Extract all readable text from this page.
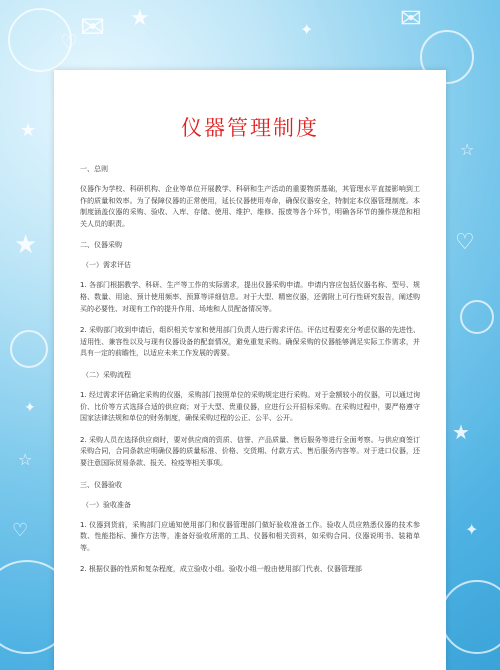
★
★
☆
★
★
☆
♡
♡
♡
✉	✉
✦
✦
✦
仪器管理制度

一、总则

仪器作为学校、科研机构、企业等单位开展教学、科研和生产活动的重要物质基础，其管理水平直接影响到工作的质量和效率。为了保障仪器的正常使用，延长仪器使用寿命，确保仪器安全，特制定本仪器管理制度。本制度涵盖仪器的采购、验收、入库、存储、使用、维护、维修、报废等各个环节，明确各环节的操作规范和相关人员的职责。

二、仪器采购

（一）需求评估

1. 各部门根据教学、科研、生产等工作的实际需求，提出仪器采购申请。申请内容应包括仪器名称、型号、规格、数量、用途、预计使用频率、预算等详细信息。对于大型、精密仪器，还需附上可行性研究报告，阐述购买的必要性、对现有工作的提升作用、场地和人员配备情况等。

2. 采购部门收到申请后，组织相关专家和使用部门负责人进行需求评估。评估过程要充分考虑仪器的先进性、适用性、兼容性以及与现有仪器设备的配套情况，避免重复采购。确保采购的仪器能够满足实际工作需求，并具有一定的前瞻性，以适应未来工作发展的需要。

（二）采购流程

1. 经过需求评估确定采购的仪器，采购部门按照单位的采购规定进行采购。对于金额较小的仪器，可以通过询价、比价等方式选择合适的供应商；对于大型、贵重仪器，应进行公开招标采购。在采购过程中，要严格遵守国家法律法规和单位的财务制度，确保采购过程的公正、公平、公开。

2. 采购人员在选择供应商时，要对供应商的资质、信誉、产品质量、售后服务等进行全面考察。与供应商签订采购合同，合同条款应明确仪器的质量标准、价格、交货期、付款方式、售后服务内容等。对于进口仪器，还要注意国际贸易条款、报关、检疫等相关事项。

三、仪器验收

（一）验收准备

1. 仪器到货前，采购部门应通知使用部门和仪器管理部门做好验收准备工作。验收人员应熟悉仪器的技术参数、性能指标、操作方法等，准备好验收所需的工具、仪器和相关资料，如采购合同、仪器说明书、装箱单等。

2. 根据仪器的性质和复杂程度，成立验收小组。验收小组一般由使用部门代表、仪器管理部
